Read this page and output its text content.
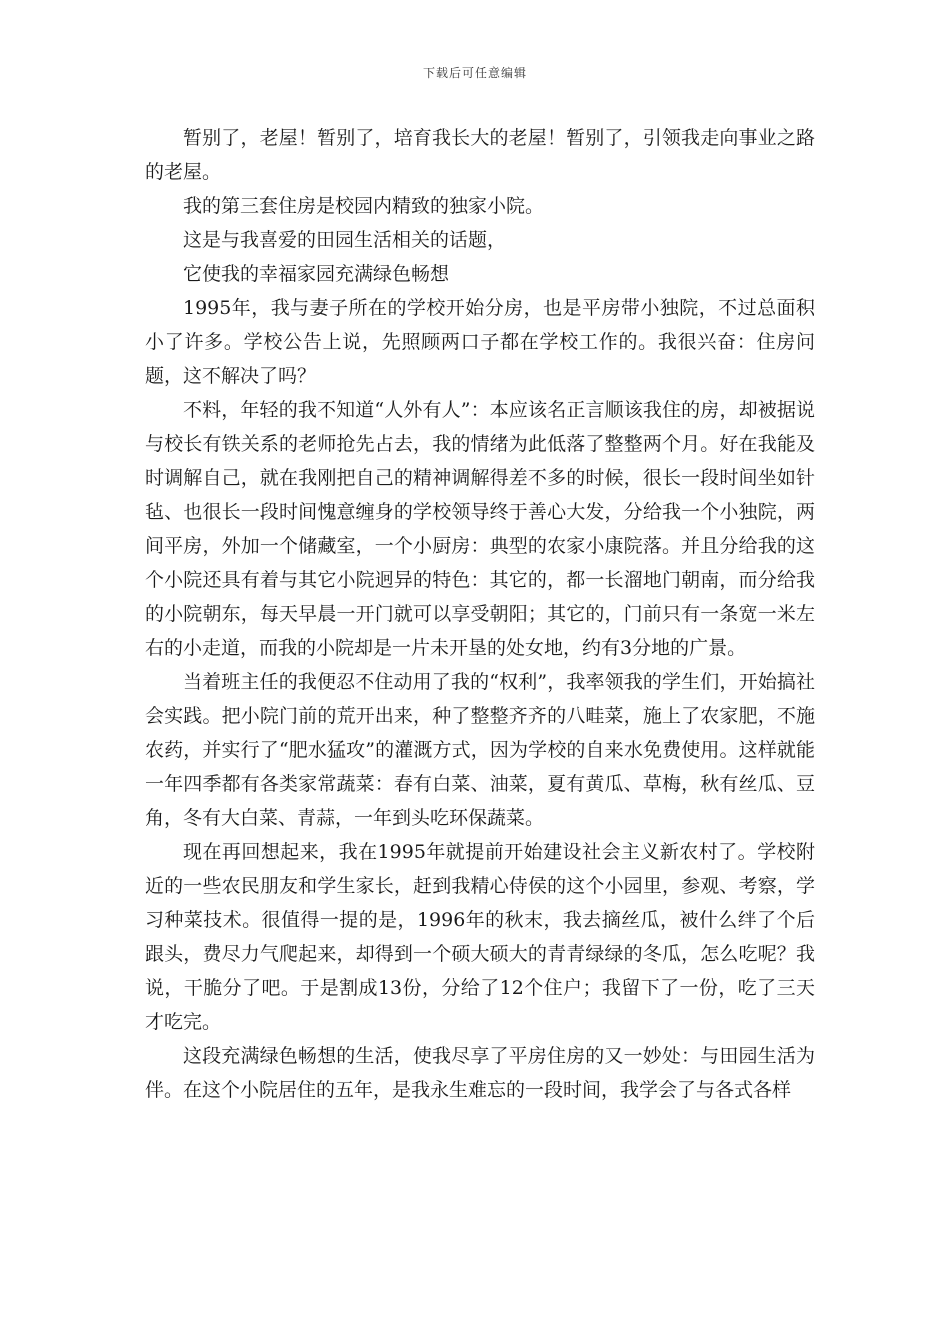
下载后可任意编辑

暂别了，老屋！暂别了，培育我长大的老屋！暂别了，引领我走向事业之路的老屋。

我的第三套住房是校园内精致的独家小院。

这是与我喜爱的田园生活相关的话题，

它使我的幸福家园充满绿色畅想

1995年，我与妻子所在的学校开始分房，也是平房带小独院，不过总面积小了许多。学校公告上说，先照顾两口子都在学校工作的。我很兴奋：住房问题，这不解决了吗？

不料，年轻的我不知道“人外有人”：本应该名正言顺该我住的房，却被据说与校长有铁关系的老师抢先占去，我的情绪为此低落了整整两个月。好在我能及时调解自己，就在我刚把自己的精神调解得差不多的时候，很长一段时间坐如针毡、也很长一段时间愧意缠身的学校领导终于善心大发，分给我一个小独院，两间平房，外加一个储藏室，一个小厨房：典型的农家小康院落。并且分给我的这个小院还具有着与其它小院迥异的特色：其它的，都一长溜地门朝南，而分给我的小院朝东，每天早晨一开门就可以享受朝阳；其它的，门前只有一条宽一米左右的小走道，而我的小院却是一片未开垦的处女地，约有3分地的广景。

当着班主任的我便忍不住动用了我的“权利”，我率领我的学生们，开始搞社会实践。把小院门前的荒开出来，种了整整齐齐的八畦菜，施上了农家肥，不施农药，并实行了“肥水猛攻”的灌溉方式，因为学校的自来水免费使用。这样就能一年四季都有各类家常蔬菜：春有白菜、油菜，夏有黄瓜、草梅，秋有丝瓜、豆角，冬有大白菜、青蒜，一年到头吃环保蔬菜。

现在再回想起来，我在1995年就提前开始建设社会主义新农村了。学校附近的一些农民朋友和学生家长，赶到我精心侍侯的这个小园里，参观、考察，学习种菜技术。很值得一提的是，1996年的秋末，我去摘丝瓜，被什么绊了个后跟头，费尽力气爬起来，却得到一个硕大硕大的青青绿绿的冬瓜，怎么吃呢？我说，干脆分了吧。于是割成13份，分给了12个住户；我留下了一份，吃了三天才吃完。

这段充满绿色畅想的生活，使我尽享了平房住房的又一妙处：与田园生活为伴。在这个小院居住的五年，是我永生难忘的一段时间，我学会了与各式各样
